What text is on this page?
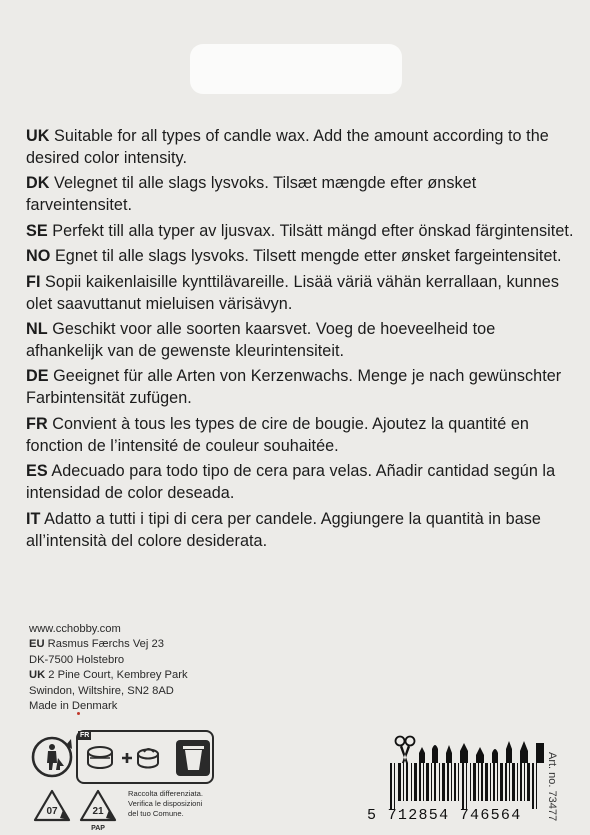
UK Suitable for all types of candle wax. Add the amount according to the desired color intensity.

DK Velegnet til alle slags lysvoks. Tilsæt mængde efter ønsket farveintensitet.

SE Perfekt till alla typer av ljusvax. Tilsätt mängd efter önskad färgintensitet.

NO Egnet til alle slags lysvoks. Tilsett mengde etter ønsket fargeintensitet.

FI Sopii kaikenlaisille kynttilävareille. Lisää väriä vähän kerrallaan, kunnes olet saavuttanut mieluisen värisävyn.

NL Geschikt voor alle soorten kaarsvet. Voeg de hoeveelheid toe afhankelijk van de gewenste kleurintensiteit.

DE Geeignet für alle Arten von Kerzenwachs. Menge je nach gewünschter Farbintensität zufügen.

FR Convient à tous les types de cire de bougie. Ajoutez la quantité en fonction de l’intensité de couleur souhaitée.

ES Adecuado para todo tipo de cera para velas. Añadir cantidad según la intensidad de color deseada.

IT Adatto a tutti i tipi di cera per candele. Aggiungere la quantità in base all’intensità del colore desiderata.

www.cchobby.com
EU Rasmus Færchs Vej 23
DK-7500 Holstebro
UK 2 Pine Court, Kembrey Park
Swindon, Wiltshire, SN2 8AD
Made in Denmark
FR
07	21
PAP
Raccolta differenziata.
Verifica le disposizioni
del tuo Comune.	5 712854 746564 Art. no. 73477
